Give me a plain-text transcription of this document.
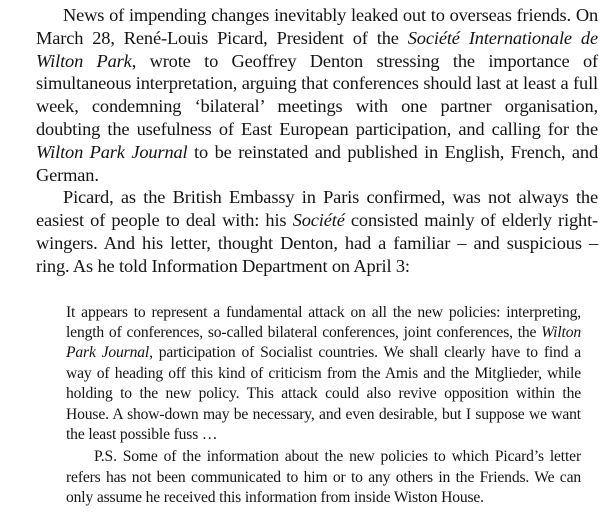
News of impending changes inevitably leaked out to overseas friends. On March 28, René-Louis Picard, President of the Société Internationale de Wilton Park, wrote to Geoffrey Denton stressing the importance of simultaneous interpretation, arguing that conferences should last at least a full week, condemning ‘bilateral’ meetings with one partner organisation, doubting the usefulness of East European participation, and calling for the Wilton Park Journal to be reinstated and published in English, French, and German.

Picard, as the British Embassy in Paris confirmed, was not always the easiest of people to deal with: his Société consisted mainly of elderly right-wingers. And his letter, thought Denton, had a familiar – and suspicious – ring. As he told Information Department on April 3:

It appears to represent a fundamental attack on all the new policies: interpreting, length of conferences, so-called bilateral conferences, joint conferences, the Wilton Park Journal, participation of Socialist countries. We shall clearly have to find a way of heading off this kind of criticism from the Amis and the Mitglieder, while holding to the new policy. This attack could also revive opposition within the House. A show-down may be necessary, and even desirable, but I suppose we want the least possible fuss …

P.S. Some of the information about the new policies to which Picard’s letter refers has not been communicated to him or to any others in the Friends. We can only assume he received this information from inside Wiston House.
